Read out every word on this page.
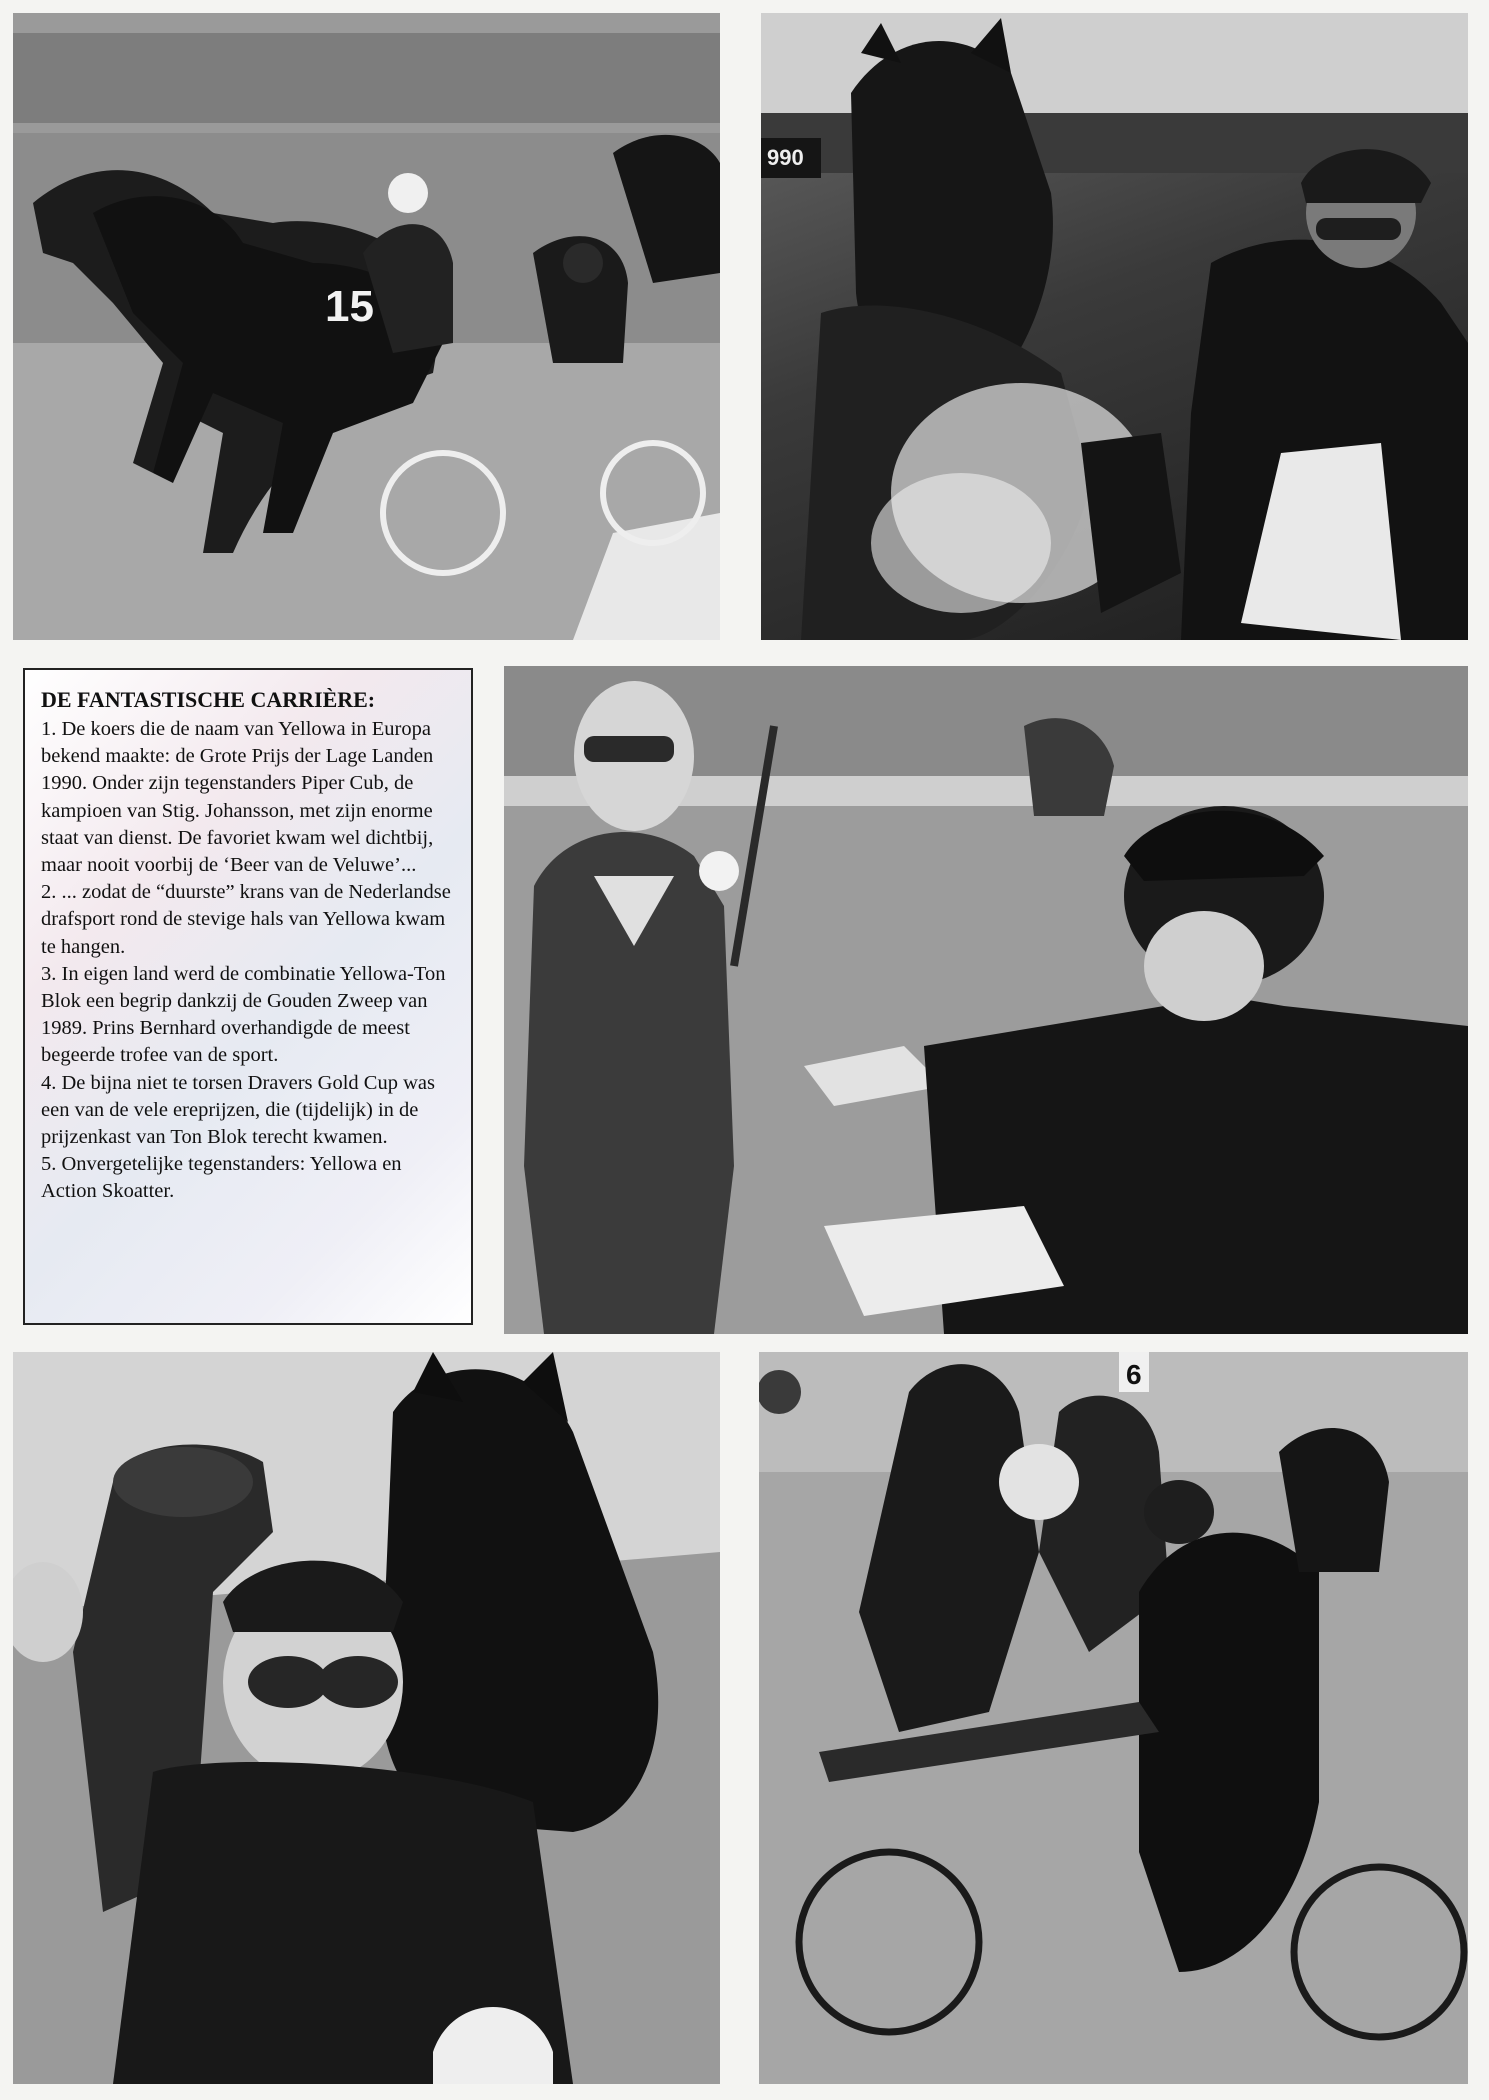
15
990

DE FANTASTISCHE CARRIÈRE:

1. De koers die de naam van Yellowa in Europa bekend maakte: de Grote Prijs der Lage Landen 1990. Onder zijn tegenstanders Piper Cub, de kampioen van Stig. Johansson, met zijn enorme staat van dienst. De favoriet kwam wel dichtbij, maar nooit voorbij de ‘Beer van de Veluwe’...

2. ... zodat de “duurste” krans van de Nederlandse drafsport rond de stevige hals van Yellowa kwam te hangen.

3. In eigen land werd de combinatie Yellowa-Ton Blok een begrip dankzij de Gouden Zweep van 1989. Prins Bernhard overhandigde de meest begeerde trofee van de sport.

4. De bijna niet te torsen Dravers Gold Cup was een van de vele ereprijzen, die (tijdelijk) in de prijzenkast van Ton Blok terecht kwamen.

5. Onvergetelijke tegenstanders: Yellowa en Action Skoatter.

6
